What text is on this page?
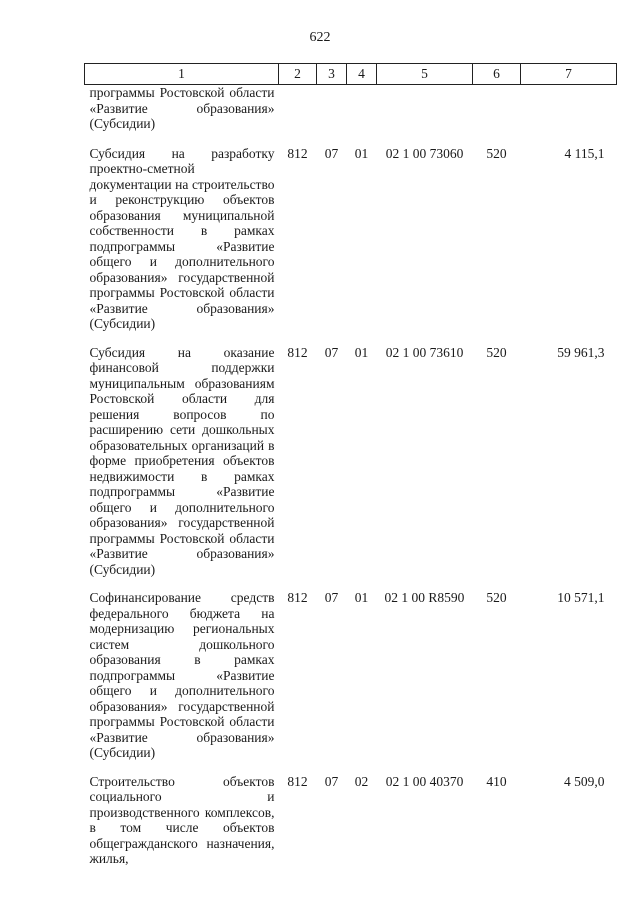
622
1	2	3	4	5	6	7
программы Ростовской области «Развитие образования» (Субсидии)						
Субсидия на разработку проектно-сметной документации на строительство и реконструкцию объектов образования муниципальной собственности в рамках подпрограммы «Развитие общего и дополнительного образования» государственной программы Ростовской области «Развитие образования» (Субсидии)	812	07	01	02 1 00 73060	520	4 115,1
Субсидия на оказание финансовой поддержки муниципальным образованиям Ростовской области для решения вопросов по расширению сети дошкольных образовательных организаций в форме приобретения объектов недвижимости в рамках подпрограммы «Развитие общего и дополнительного образования» государственной программы Ростовской области «Развитие образования» (Субсидии)	812	07	01	02 1 00 73610	520	59 961,3
Софинансирование средств федерального бюджета на модернизацию региональных систем дошкольного образования в рамках подпрограммы «Развитие общего и дополнительного образования» государственной программы Ростовской области «Развитие образования» (Субсидии)	812	07	01	02 1 00 R8590	520	10 571,1
Строительство объектов социального и производственного комплексов, в том числе объектов общегражданского назначения, жилья,	812	07	02	02 1 00 40370	410	4 509,0
